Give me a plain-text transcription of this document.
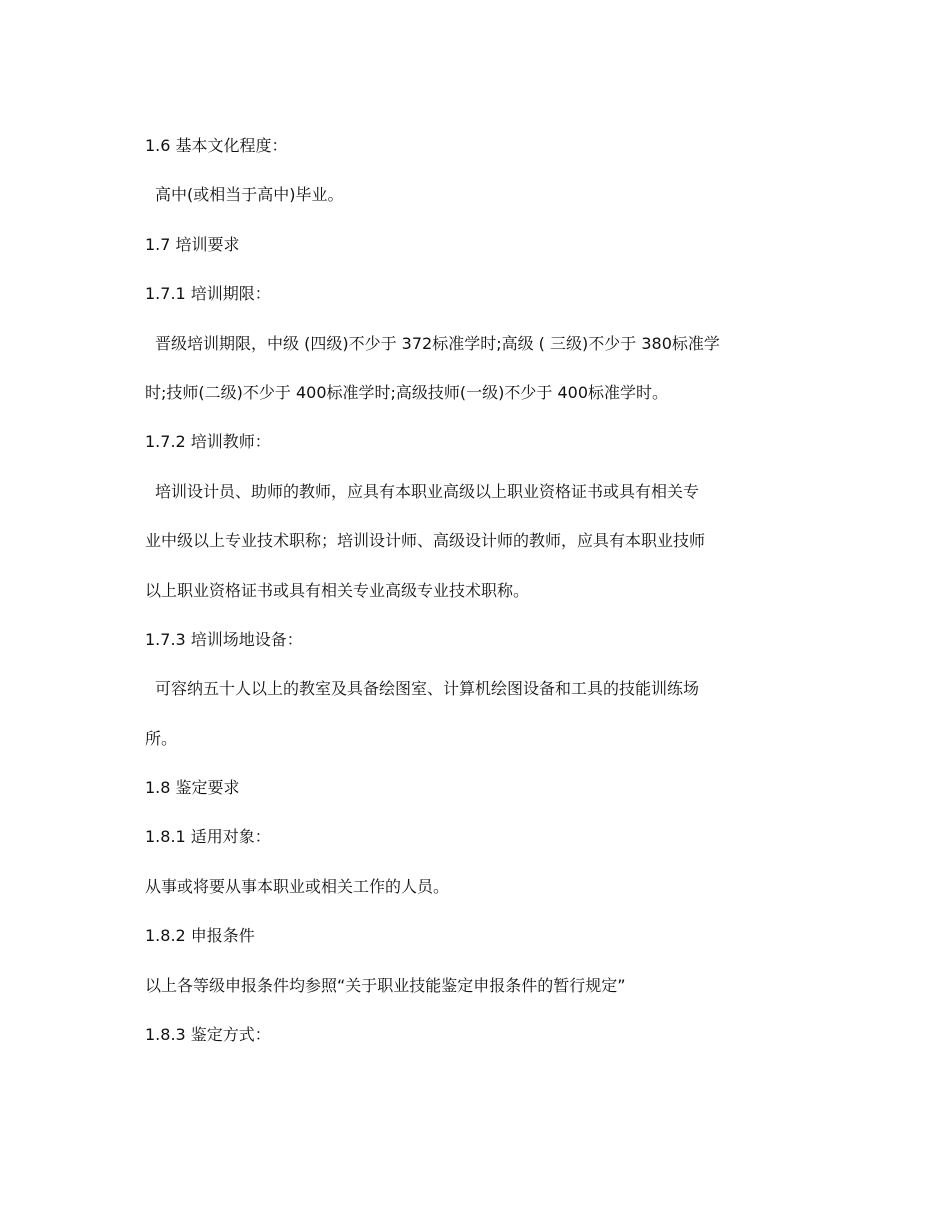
1.6 基本文化程度：
高中(或相当于高中)毕业。
1.7 培训要求
1.7.1 培训期限：
晋级培训期限，中级 (四级)不少于 372标准学时;高级 ( 三级)不少于 380标准学
时;技师(二级)不少于 400标准学时;高级技师(一级)不少于 400标准学时。
1.7.2 培训教师：
培训设计员、助师的教师，应具有本职业高级以上职业资格证书或具有相关专
业中级以上专业技术职称；培训设计师、高级设计师的教师，应具有本职业技师
以上职业资格证书或具有相关专业高级专业技术职称。
1.7.3 培训场地设备：
可容纳五十人以上的教室及具备绘图室、计算机绘图设备和工具的技能训练场
所。
1.8 鉴定要求
1.8.1 适用对象：
从事或将要从事本职业或相关工作的人员。
1.8.2 申报条件
以上各等级申报条件均参照“关于职业技能鉴定申报条件的暂行规定”
1.8.3 鉴定方式：
